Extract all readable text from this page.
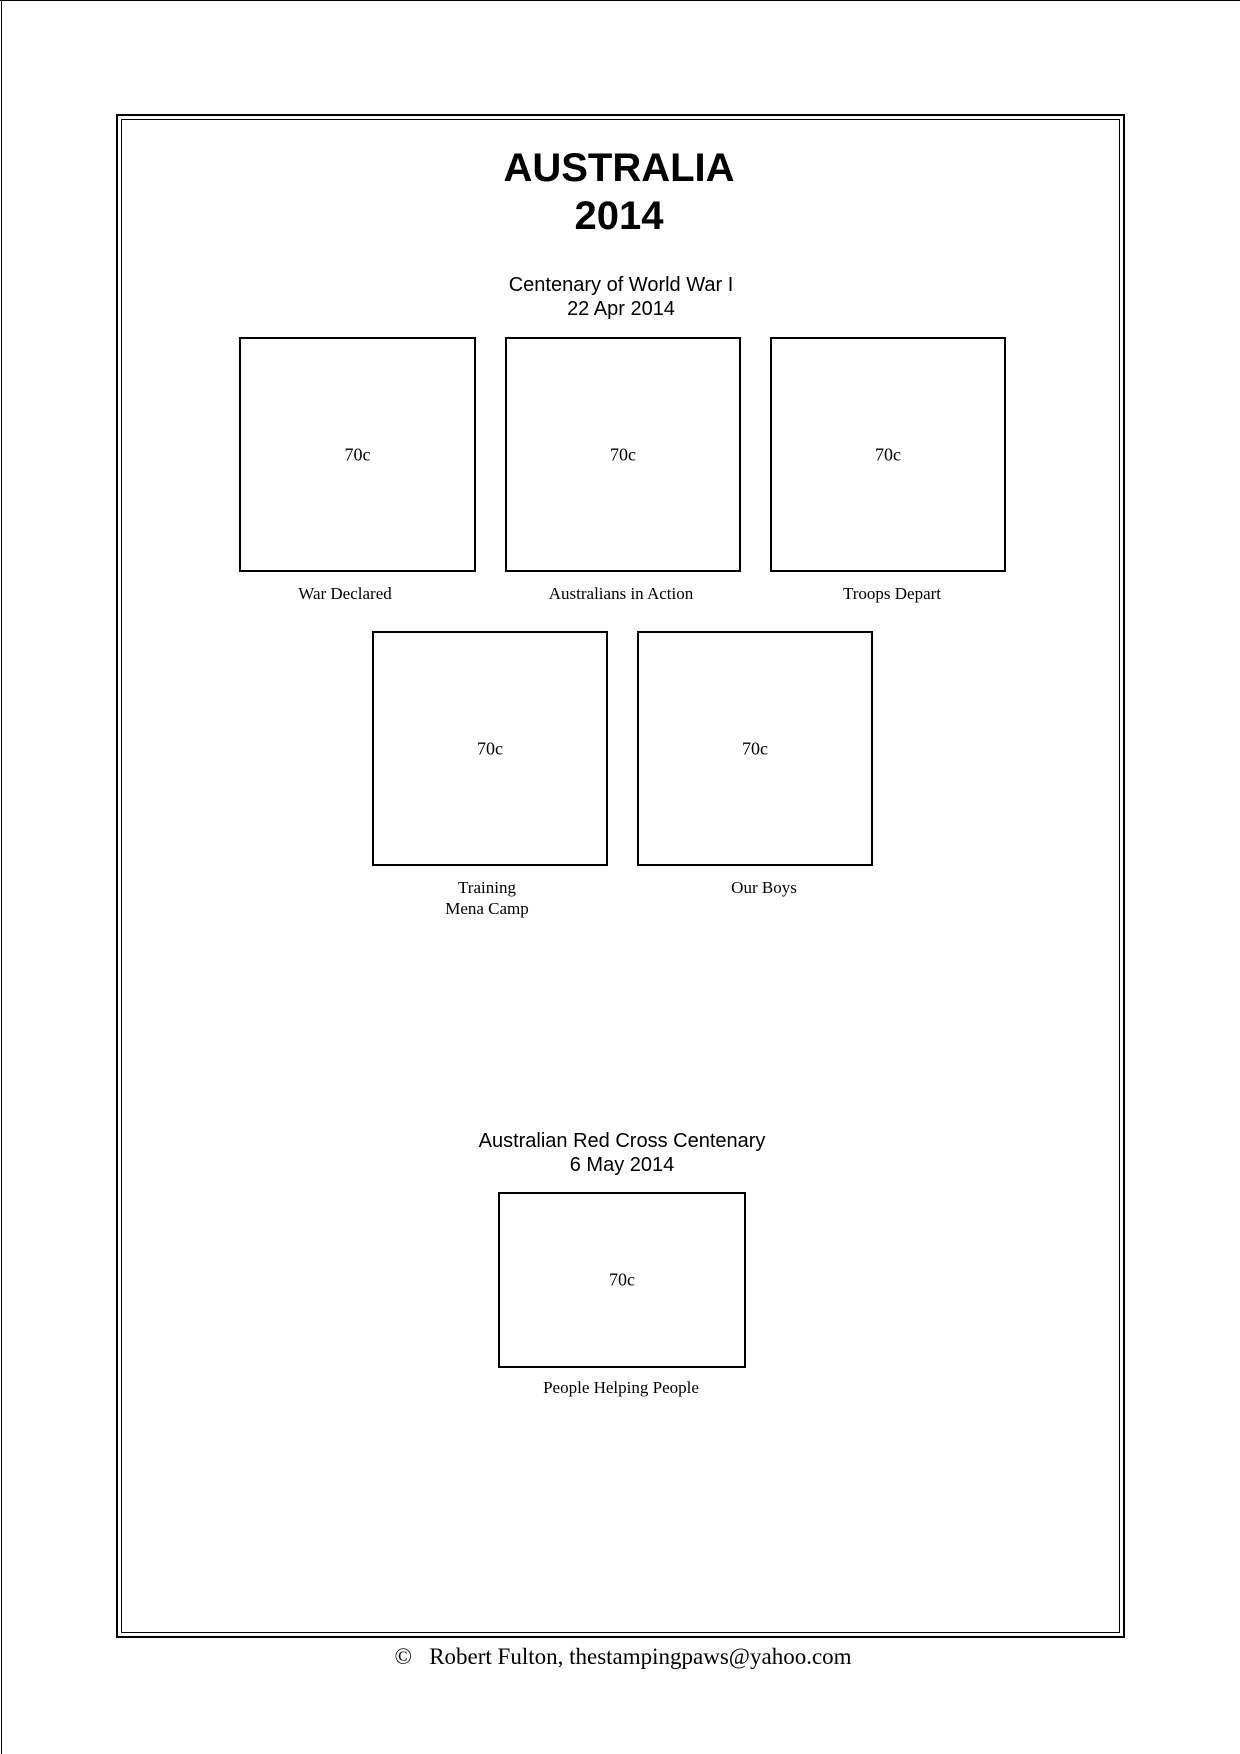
AUSTRALIA
2014
Centenary of World War I
22 Apr 2014
70c	70c	70c
War Declared	Australians in Action	Troops Depart
70c	70c
Training
Mena Camp
Our Boys
Australian Red Cross Centenary
6 May 2014
70c
People Helping People
© Robert Fulton, thestampingpaws@yahoo.com
